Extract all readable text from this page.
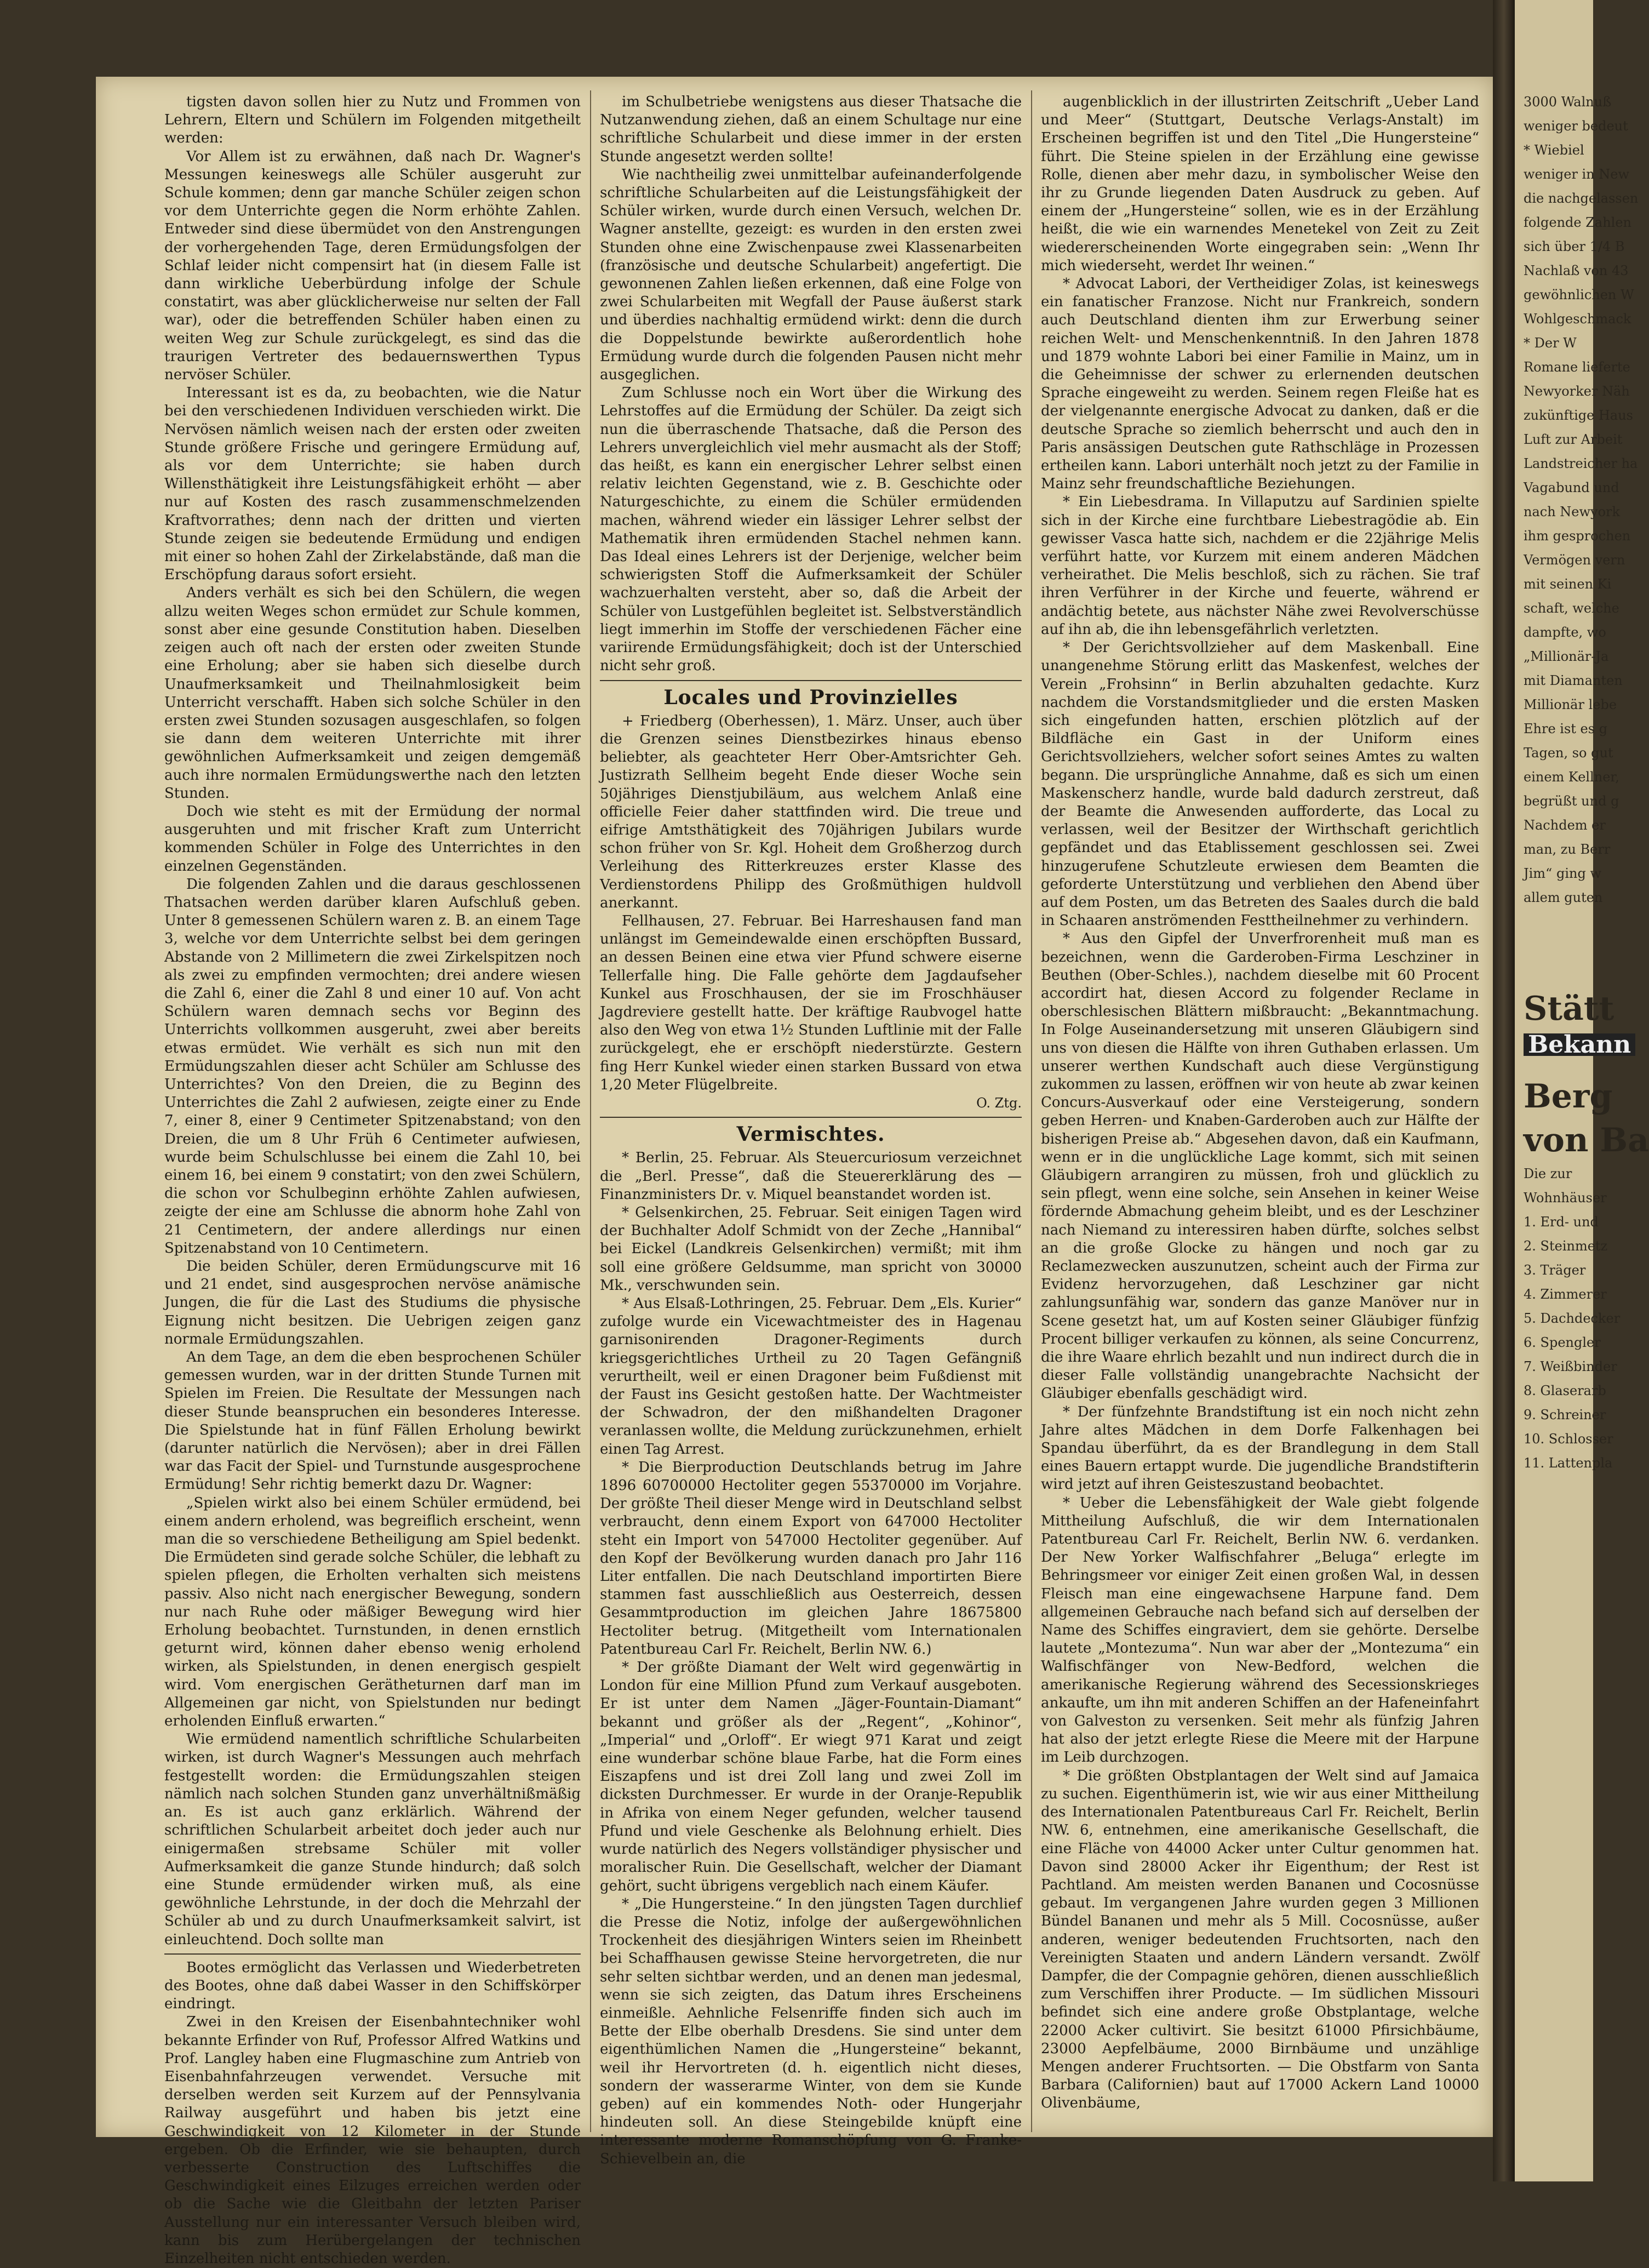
tigsten davon sollen hier zu Nutz und Frommen von Lehrern, Eltern und Schülern im Folgenden mitgetheilt werden:

Vor Allem ist zu erwähnen, daß nach Dr. Wagner's Messungen keineswegs alle Schüler ausgeruht zur Schule kommen; denn gar manche Schüler zeigen schon vor dem Unterrichte gegen die Norm erhöhte Zahlen. Entweder sind diese übermüdet von den Anstrengungen der vorhergehenden Tage, deren Ermüdungsfolgen der Schlaf leider nicht compensirt hat (in diesem Falle ist dann wirkliche Ueberbürdung infolge der Schule constatirt, was aber glücklicherweise nur selten der Fall war), oder die betreffenden Schüler haben einen zu weiten Weg zur Schule zurückgelegt, es sind das die traurigen Vertreter des bedauernswerthen Typus nervöser Schüler.

Interessant ist es da, zu beobachten, wie die Natur bei den verschiedenen Individuen verschieden wirkt. Die Nervösen nämlich weisen nach der ersten oder zweiten Stunde größere Frische und geringere Ermüdung auf, als vor dem Unterrichte; sie haben durch Willensthätigkeit ihre Leistungsfähigkeit erhöht — aber nur auf Kosten des rasch zusammenschmelzenden Kraftvorrathes; denn nach der dritten und vierten Stunde zeigen sie bedeutende Ermüdung und endigen mit einer so hohen Zahl der Zirkelabstände, daß man die Erschöpfung daraus sofort ersieht.

Anders verhält es sich bei den Schülern, die wegen allzu weiten Weges schon ermüdet zur Schule kommen, sonst aber eine gesunde Constitution haben. Dieselben zeigen auch oft nach der ersten oder zweiten Stunde eine Erholung; aber sie haben sich dieselbe durch Unaufmerksamkeit und Theilnahmlosigkeit beim Unterricht verschafft. Haben sich solche Schüler in den ersten zwei Stunden sozusagen ausgeschlafen, so folgen sie dann dem weiteren Unterrichte mit ihrer gewöhnlichen Aufmerksamkeit und zeigen demgemäß auch ihre normalen Ermüdungswerthe nach den letzten Stunden.

Doch wie steht es mit der Ermüdung der normal ausgeruhten und mit frischer Kraft zum Unterricht kommenden Schüler in Folge des Unterrichtes in den einzelnen Gegenständen.

Die folgenden Zahlen und die daraus geschlossenen Thatsachen werden darüber klaren Aufschluß geben. Unter 8 gemessenen Schülern waren z. B. an einem Tage 3, welche vor dem Unterrichte selbst bei dem geringen Abstande von 2 Millimetern die zwei Zirkelspitzen noch als zwei zu empfinden vermochten; drei andere wiesen die Zahl 6, einer die Zahl 8 und einer 10 auf. Von acht Schülern waren demnach sechs vor Beginn des Unterrichts vollkommen ausgeruht, zwei aber bereits etwas ermüdet. Wie verhält es sich nun mit den Ermüdungszahlen dieser acht Schüler am Schlusse des Unterrichtes? Von den Dreien, die zu Beginn des Unterrichtes die Zahl 2 aufwiesen, zeigte einer zu Ende 7, einer 8, einer 9 Centimeter Spitzenabstand; von den Dreien, die um 8 Uhr Früh 6 Centimeter aufwiesen, wurde beim Schulschlusse bei einem die Zahl 10, bei einem 16, bei einem 9 constatirt; von den zwei Schülern, die schon vor Schulbeginn erhöhte Zahlen aufwiesen, zeigte der eine am Schlusse die abnorm hohe Zahl von 21 Centimetern, der andere allerdings nur einen Spitzenabstand von 10 Centimetern.

Die beiden Schüler, deren Ermüdungscurve mit 16 und 21 endet, sind ausgesprochen nervöse anämische Jungen, die für die Last des Studiums die physische Eignung nicht besitzen. Die Uebrigen zeigen ganz normale Ermüdungszahlen.

An dem Tage, an dem die eben besprochenen Schüler gemessen wurden, war in der dritten Stunde Turnen mit Spielen im Freien. Die Resultate der Messungen nach dieser Stunde beanspruchen ein besonderes Interesse. Die Spielstunde hat in fünf Fällen Erholung bewirkt (darunter natürlich die Nervösen); aber in drei Fällen war das Facit der Spiel- und Turnstunde ausgesprochene Ermüdung! Sehr richtig bemerkt dazu Dr. Wagner:

„Spielen wirkt also bei einem Schüler ermüdend, bei einem andern erholend, was begreiflich erscheint, wenn man die so verschiedene Betheiligung am Spiel bedenkt. Die Ermüdeten sind gerade solche Schüler, die lebhaft zu spielen pflegen, die Erholten verhalten sich meistens passiv. Also nicht nach energischer Bewegung, sondern nur nach Ruhe oder mäßiger Bewegung wird hier Erholung beobachtet. Turnstunden, in denen ernstlich geturnt wird, können daher ebenso wenig erholend wirken, als Spielstunden, in denen energisch gespielt wird. Vom energischen Gerätheturnen darf man im Allgemeinen gar nicht, von Spielstunden nur bedingt erholenden Einfluß erwarten.“

Wie ermüdend namentlich schriftliche Schularbeiten wirken, ist durch Wagner's Messungen auch mehrfach festgestellt worden: die Ermüdungszahlen steigen nämlich nach solchen Stunden ganz unverhältnißmäßig an. Es ist auch ganz erklärlich. Während der schriftlichen Schularbeit arbeitet doch jeder auch nur einigermaßen strebsame Schüler mit voller Aufmerksamkeit die ganze Stunde hindurch; daß solch eine Stunde ermüdender wirken muß, als eine gewöhnliche Lehrstunde, in der doch die Mehrzahl der Schüler ab und zu durch Unaufmerksamkeit salvirt, ist einleuchtend. Doch sollte man

Bootes ermöglicht das Verlassen und Wiederbetreten des Bootes, ohne daß dabei Wasser in den Schiffskörper eindringt.

Zwei in den Kreisen der Eisenbahntechniker wohl bekannte Erfinder von Ruf, Professor Alfred Watkins und Prof. Langley haben eine Flugmaschine zum Antrieb von Eisenbahnfahrzeugen verwendet. Versuche mit derselben werden seit Kurzem auf der Pennsylvania Railway ausgeführt und haben bis jetzt eine Geschwindigkeit von 12 Kilometer in der Stunde ergeben. Ob die Erfinder, wie sie behaupten, durch verbesserte Construction des Luftschiffes die Geschwindigkeit eines Eilzuges erreichen werden oder ob die Sache wie die Gleitbahn der letzten Pariser Ausstellung nur ein interessanter Versuch bleiben wird, kann bis zum Herübergelangen der technischen Einzelheiten nicht entschieden werden.

im Schulbetriebe wenigstens aus dieser Thatsache die Nutzanwendung ziehen, daß an einem Schultage nur eine schriftliche Schularbeit und diese immer in der ersten Stunde angesetzt werden sollte!

Wie nachtheilig zwei unmittelbar aufeinanderfolgende schriftliche Schularbeiten auf die Leistungsfähigkeit der Schüler wirken, wurde durch einen Versuch, welchen Dr. Wagner anstellte, gezeigt: es wurden in den ersten zwei Stunden ohne eine Zwischenpause zwei Klassenarbeiten (französische und deutsche Schularbeit) angefertigt. Die gewonnenen Zahlen ließen erkennen, daß eine Folge von zwei Schularbeiten mit Wegfall der Pause äußerst stark und überdies nachhaltig ermüdend wirkt: denn die durch die Doppelstunde bewirkte außerordentlich hohe Ermüdung wurde durch die folgenden Pausen nicht mehr ausgeglichen.

Zum Schlusse noch ein Wort über die Wirkung des Lehrstoffes auf die Ermüdung der Schüler. Da zeigt sich nun die überraschende Thatsache, daß die Person des Lehrers unvergleichlich viel mehr ausmacht als der Stoff; das heißt, es kann ein energischer Lehrer selbst einen relativ leichten Gegenstand, wie z. B. Geschichte oder Naturgeschichte, zu einem die Schüler ermüdenden machen, während wieder ein lässiger Lehrer selbst der Mathematik ihren ermüdenden Stachel nehmen kann. Das Ideal eines Lehrers ist der Derjenige, welcher beim schwierigsten Stoff die Aufmerksamkeit der Schüler wachzuerhalten versteht, aber so, daß die Arbeit der Schüler von Lustgefühlen begleitet ist. Selbstverständlich liegt immerhin im Stoffe der verschiedenen Fächer eine variirende Ermüdungsfähigkeit; doch ist der Unterschied nicht sehr groß.

Locales und Provinzielles

+ Friedberg (Oberhessen), 1. März. Unser, auch über die Grenzen seines Dienstbezirkes hinaus ebenso beliebter, als geachteter Herr Ober-Amtsrichter Geh. Justizrath Sellheim begeht Ende dieser Woche sein 50jähriges Dienstjubiläum, aus welchem Anlaß eine officielle Feier daher stattfinden wird. Die treue und eifrige Amtsthätigkeit des 70jährigen Jubilars wurde schon früher von Sr. Kgl. Hoheit dem Großherzog durch Verleihung des Ritterkreuzes erster Klasse des Verdienstordens Philipp des Großmüthigen huldvoll anerkannt.

Fellhausen, 27. Februar. Bei Harreshausen fand man unlängst im Gemeindewalde einen erschöpften Bussard, an dessen Beinen eine etwa vier Pfund schwere eiserne Tellerfalle hing. Die Falle gehörte dem Jagdaufseher Kunkel aus Froschhausen, der sie im Froschhäuser Jagdreviere gestellt hatte. Der kräftige Raubvogel hatte also den Weg von etwa 1½ Stunden Luftlinie mit der Falle zurückgelegt, ehe er erschöpft niederstürzte. Gestern fing Herr Kunkel wieder einen starken Bussard von etwa 1,20 Meter Flügelbreite.

O. Ztg.
Vermischtes.

* Berlin, 25. Februar. Als Steuercuriosum verzeichnet die „Berl. Presse“, daß die Steuererklärung des — Finanzministers Dr. v. Miquel beanstandet worden ist.

* Gelsenkirchen, 25. Februar. Seit einigen Tagen wird der Buchhalter Adolf Schmidt von der Zeche „Hannibal“ bei Eickel (Landkreis Gelsenkirchen) vermißt; mit ihm soll eine größere Geldsumme, man spricht von 30000 Mk., verschwunden sein.

* Aus Elsaß-Lothringen, 25. Februar. Dem „Els. Kurier“ zufolge wurde ein Vicewachtmeister des in Hagenau garnisonirenden Dragoner-Regiments durch kriegsgerichtliches Urtheil zu 20 Tagen Gefängniß verurtheilt, weil er einen Dragoner beim Fußdienst mit der Faust ins Gesicht gestoßen hatte. Der Wachtmeister der Schwadron, der den mißhandelten Dragoner veranlassen wollte, die Meldung zurückzunehmen, erhielt einen Tag Arrest.

* Die Bierproduction Deutschlands betrug im Jahre 1896 60700000 Hectoliter gegen 55370000 im Vorjahre. Der größte Theil dieser Menge wird in Deutschland selbst verbraucht, denn einem Export von 647000 Hectoliter steht ein Import von 547000 Hectoliter gegenüber. Auf den Kopf der Bevölkerung wurden danach pro Jahr 116 Liter entfallen. Die nach Deutschland importirten Biere stammen fast ausschließlich aus Oesterreich, dessen Gesammtproduction im gleichen Jahre 18675800 Hectoliter betrug. (Mitgetheilt vom Internationalen Patentbureau Carl Fr. Reichelt, Berlin NW. 6.)

* Der größte Diamant der Welt wird gegenwärtig in London für eine Million Pfund zum Verkauf ausgeboten. Er ist unter dem Namen „Jäger-Fountain-Diamant“ bekannt und größer als der „Regent“, „Kohinor“, „Imperial“ und „Orloff“. Er wiegt 971 Karat und zeigt eine wunderbar schöne blaue Farbe, hat die Form eines Eiszapfens und ist drei Zoll lang und zwei Zoll im dicksten Durchmesser. Er wurde in der Oranje-Republik in Afrika von einem Neger gefunden, welcher tausend Pfund und viele Geschenke als Belohnung erhielt. Dies wurde natürlich des Negers vollständiger physischer und moralischer Ruin. Die Gesellschaft, welcher der Diamant gehört, sucht übrigens vergeblich nach einem Käufer.

* „Die Hungersteine.“ In den jüngsten Tagen durchlief die Presse die Notiz, infolge der außergewöhnlichen Trockenheit des diesjährigen Winters seien im Rheinbett bei Schaffhausen gewisse Steine hervorgetreten, die nur sehr selten sichtbar werden, und an denen man jedesmal, wenn sie sich zeigten, das Datum ihres Erscheinens einmeißle. Aehnliche Felsenriffe finden sich auch im Bette der Elbe oberhalb Dresdens. Sie sind unter dem eigenthümlichen Namen die „Hungersteine“ bekannt, weil ihr Hervortreten (d. h. eigentlich nicht dieses, sondern der wasserarme Winter, von dem sie Kunde geben) auf ein kommendes Noth- oder Hungerjahr hindeuten soll. An diese Steingebilde knüpft eine interessante moderne Romanschöpfung von G. Franke-Schievelbein an, die

augenblicklich in der illustrirten Zeitschrift „Ueber Land und Meer“ (Stuttgart, Deutsche Verlags-Anstalt) im Erscheinen begriffen ist und den Titel „Die Hungersteine“ führt. Die Steine spielen in der Erzählung eine gewisse Rolle, dienen aber mehr dazu, in symbolischer Weise den ihr zu Grunde liegenden Daten Ausdruck zu geben. Auf einem der „Hungersteine“ sollen, wie es in der Erzählung heißt, die wie ein warnendes Menetekel von Zeit zu Zeit wiedererscheinenden Worte eingegraben sein: „Wenn Ihr mich wiederseht, werdet Ihr weinen.“

* Advocat Labori, der Vertheidiger Zolas, ist keineswegs ein fanatischer Franzose. Nicht nur Frankreich, sondern auch Deutschland dienten ihm zur Erwerbung seiner reichen Welt- und Menschenkenntniß. In den Jahren 1878 und 1879 wohnte Labori bei einer Familie in Mainz, um in die Geheimnisse der schwer zu erlernenden deutschen Sprache eingeweiht zu werden. Seinem regen Fleiße hat es der vielgenannte energische Advocat zu danken, daß er die deutsche Sprache so ziemlich beherrscht und auch den in Paris ansässigen Deutschen gute Rathschläge in Prozessen ertheilen kann. Labori unterhält noch jetzt zu der Familie in Mainz sehr freundschaftliche Beziehungen.

* Ein Liebesdrama. In Villaputzu auf Sardinien spielte sich in der Kirche eine furchtbare Liebestragödie ab. Ein gewisser Vasca hatte sich, nachdem er die 22jährige Melis verführt hatte, vor Kurzem mit einem anderen Mädchen verheirathet. Die Melis beschloß, sich zu rächen. Sie traf ihren Verführer in der Kirche und feuerte, während er andächtig betete, aus nächster Nähe zwei Revolverschüsse auf ihn ab, die ihn lebensgefährlich verletzten.

* Der Gerichtsvollzieher auf dem Maskenball. Eine unangenehme Störung erlitt das Maskenfest, welches der Verein „Frohsinn“ in Berlin abzuhalten gedachte. Kurz nachdem die Vorstandsmitglieder und die ersten Masken sich eingefunden hatten, erschien plötzlich auf der Bildfläche ein Gast in der Uniform eines Gerichtsvollziehers, welcher sofort seines Amtes zu walten begann. Die ursprüngliche Annahme, daß es sich um einen Maskenscherz handle, wurde bald dadurch zerstreut, daß der Beamte die Anwesenden aufforderte, das Local zu verlassen, weil der Besitzer der Wirthschaft gerichtlich gepfändet und das Etablissement geschlossen sei. Zwei hinzugerufene Schutzleute erwiesen dem Beamten die geforderte Unterstützung und verbliehen den Abend über auf dem Posten, um das Betreten des Saales durch die bald in Schaaren anströmenden Festtheilnehmer zu verhindern.

* Aus den Gipfel der Unverfrorenheit muß man es bezeichnen, wenn die Garderoben-Firma Leschziner in Beuthen (Ober-Schles.), nachdem dieselbe mit 60 Procent accordirt hat, diesen Accord zu folgender Reclame in oberschlesischen Blättern mißbraucht: „Bekanntmachung. In Folge Auseinandersetzung mit unseren Gläubigern sind uns von diesen die Hälfte von ihren Guthaben erlassen. Um unserer werthen Kundschaft auch diese Vergünstigung zukommen zu lassen, eröffnen wir von heute ab zwar keinen Concurs-Ausverkauf oder eine Versteigerung, sondern geben Herren- und Knaben-Garderoben auch zur Hälfte der bisherigen Preise ab.“ Abgesehen davon, daß ein Kaufmann, wenn er in die unglückliche Lage kommt, sich mit seinen Gläubigern arrangiren zu müssen, froh und glücklich zu sein pflegt, wenn eine solche, sein Ansehen in keiner Weise fördernde Abmachung geheim bleibt, und es der Leschziner nach Niemand zu interessiren haben dürfte, solches selbst an die große Glocke zu hängen und noch gar zu Reclamezwecken auszunutzen, scheint auch der Firma zur Evidenz hervorzugehen, daß Leschziner gar nicht zahlungsunfähig war, sondern das ganze Manöver nur in Scene gesetzt hat, um auf Kosten seiner Gläubiger fünfzig Procent billiger verkaufen zu können, als seine Concurrenz, die ihre Waare ehrlich bezahlt und nun indirect durch die in dieser Falle vollständig unangebrachte Nachsicht der Gläubiger ebenfalls geschädigt wird.

* Der fünfzehnte Brandstiftung ist ein noch nicht zehn Jahre altes Mädchen in dem Dorfe Falkenhagen bei Spandau überführt, da es der Brandlegung in dem Stall eines Bauern ertappt wurde. Die jugendliche Brandstifterin wird jetzt auf ihren Geisteszustand beobachtet.

* Ueber die Lebensfähigkeit der Wale giebt folgende Mittheilung Aufschluß, die wir dem Internationalen Patentbureau Carl Fr. Reichelt, Berlin NW. 6. verdanken. Der New Yorker Walfischfahrer „Beluga“ erlegte im Behringsmeer vor einiger Zeit einen großen Wal, in dessen Fleisch man eine eingewachsene Harpune fand. Dem allgemeinen Gebrauche nach befand sich auf derselben der Name des Schiffes eingraviert, dem sie gehörte. Derselbe lautete „Montezuma“. Nun war aber der „Montezuma“ ein Walfischfänger von New-Bedford, welchen die amerikanische Regierung während des Secessionskrieges ankaufte, um ihn mit anderen Schiffen an der Hafeneinfahrt von Galveston zu versenken. Seit mehr als fünfzig Jahren hat also der jetzt erlegte Riese die Meere mit der Harpune im Leib durchzogen.

* Die größten Obstplantagen der Welt sind auf Jamaica zu suchen. Eigenthümerin ist, wie wir aus einer Mittheilung des Internationalen Patentbureaus Carl Fr. Reichelt, Berlin NW. 6, entnehmen, eine amerikanische Gesellschaft, die eine Fläche von 44000 Acker unter Cultur genommen hat. Davon sind 28000 Acker ihr Eigenthum; der Rest ist Pachtland. Am meisten werden Bananen und Cocosnüsse gebaut. Im vergangenen Jahre wurden gegen 3 Millionen Bündel Bananen und mehr als 5 Mill. Cocosnüsse, außer anderen, weniger bedeutenden Fruchtsorten, nach den Vereinigten Staaten und andern Ländern versandt. Zwölf Dampfer, die der Compagnie gehören, dienen ausschließlich zum Verschiffen ihrer Producte. — Im südlichen Missouri befindet sich eine andere große Obstplantage, welche 22000 Acker cultivirt. Sie besitzt 61000 Pfirsichbäume, 23000 Aepfelbäume, 2000 Birnbäume und unzählige Mengen anderer Fruchtsorten. — Die Obstfarm von Santa Barbara (Californien) baut auf 17000 Ackern Land 10000 Olivenbäume,

3000 Walnuß
weniger bedeut
* Wiebiel
weniger in New
die nachgelassen
folgende Zahlen
sich über 1/4 B
Nachlaß von 43
gewöhnlichen W
Wohlgeschmack
* Der W
Romane lieferte
Newyorker Näh
zukünftige Haus
Luft zur Arbeit
Landstreicher ha
Vagabund und
nach Newyork
ihm gesprochen
Vermögen vern
mit seinen Ki
schaft, welche
dampfte, wo
„Millionär-Ja
mit Diamanten
Millionär lebe
Ehre ist es g
Tagen, so gut
einem Kellner,
begrüßt und g
Nachdem er
man, zu Berr
Jim“ ging w
allem guten
Stätt
Bekann
Berg
von Ba
Die zur
Wohnhäuser
1. Erd- und
2. Steinmetz
3. Träger
4. Zimmerer
5. Dachdecker
6. Spengler
7. Weißbinder
8. Glaserarb
9. Schreiner
10. Schlosser
11. Lattenpla
